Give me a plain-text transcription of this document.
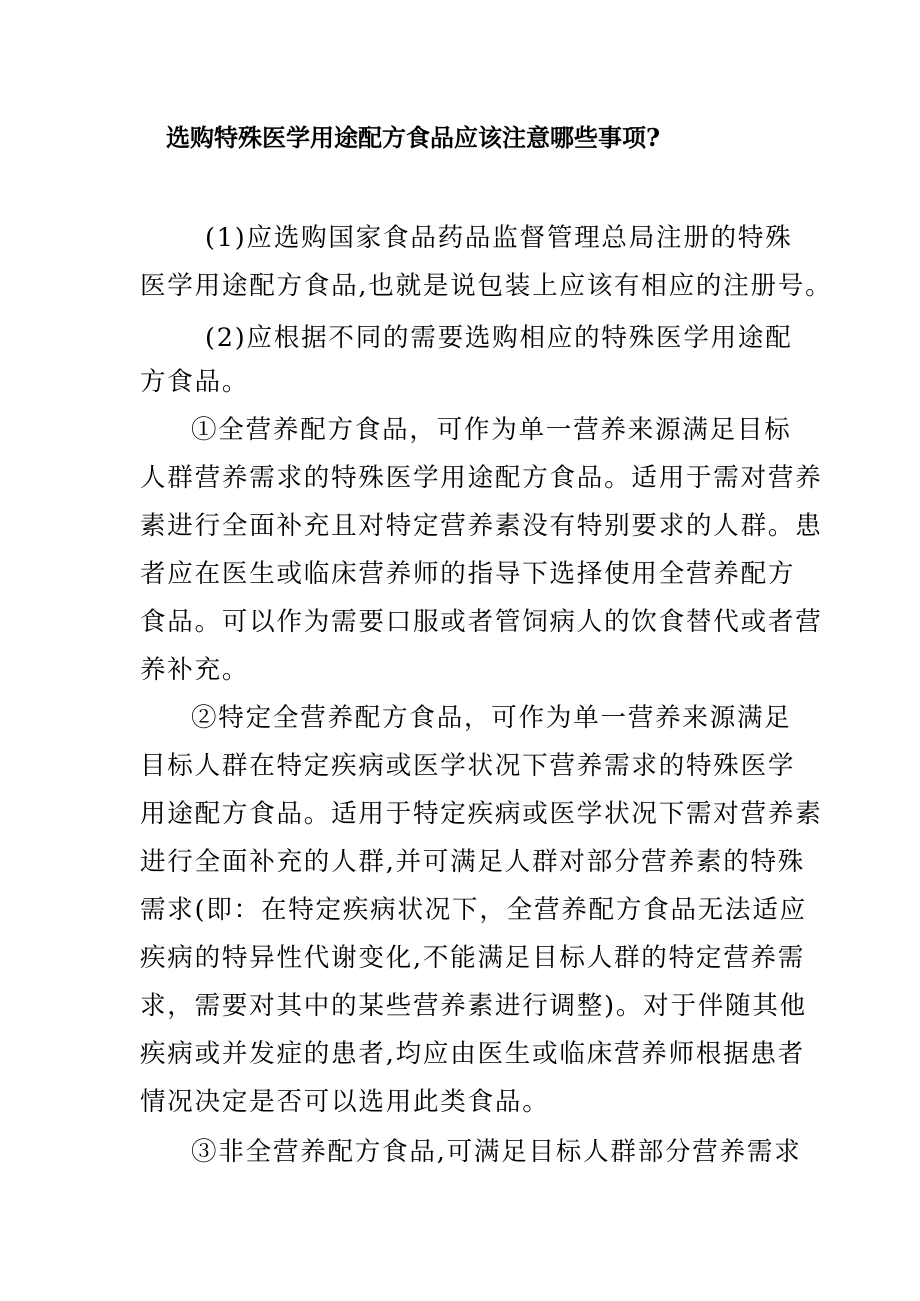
选购特殊医学用途配方食品应该注意哪些事项?
(1)应选购国家食品药品监督管理总局注册的特殊
医学用途配方食品,也就是说包装上应该有相应的注册号。
(2)应根据不同的需要选购相应的特殊医学用途配
方食品。
①全营养配方食品，可作为单一营养来源满足目标
人群营养需求的特殊医学用途配方食品。适用于需对营养
素进行全面补充且对特定营养素没有特别要求的人群。患
者应在医生或临床营养师的指导下选择使用全营养配方
食品。可以作为需要口服或者管饲病人的饮食替代或者营
养补充。
②特定全营养配方食品，可作为单一营养来源满足
目标人群在特定疾病或医学状况下营养需求的特殊医学
用途配方食品。适用于特定疾病或医学状况下需对营养素
进行全面补充的人群,并可满足人群对部分营养素的特殊
需求(即：在特定疾病状况下，全营养配方食品无法适应
疾病的特异性代谢变化,不能满足目标人群的特定营养需
求，需要对其中的某些营养素进行调整)。对于伴随其他
疾病或并发症的患者,均应由医生或临床营养师根据患者
情况决定是否可以选用此类食品。
③非全营养配方食品,可满足目标人群部分营养需求
